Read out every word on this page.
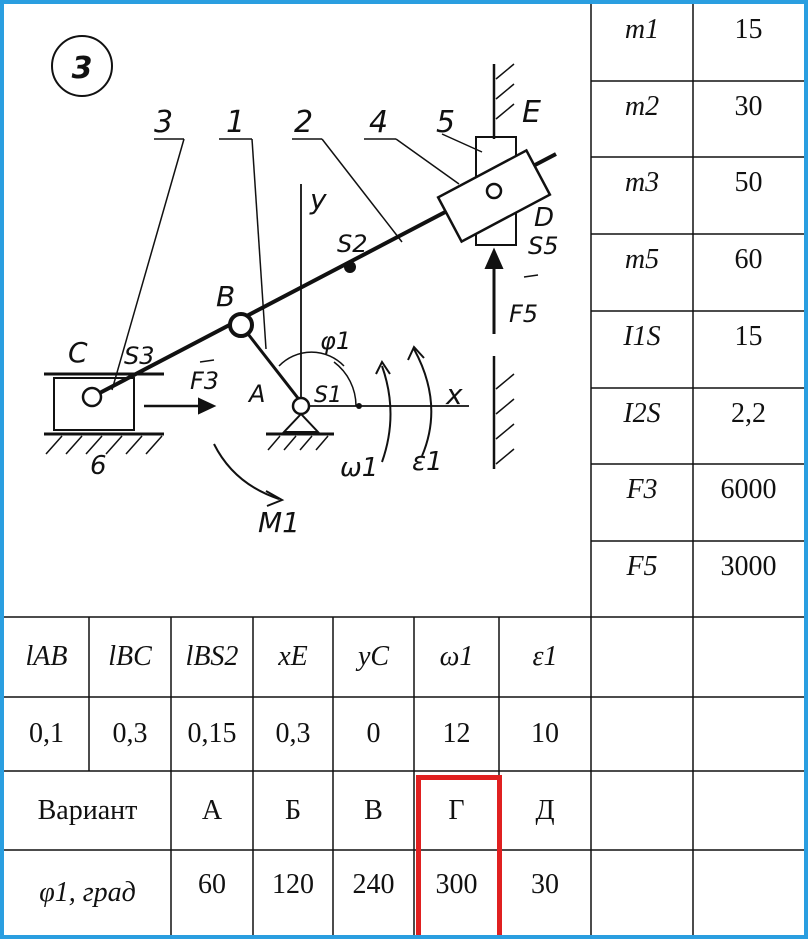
3
3 1 2 4 5 E
D
S5
y
S2
B
F5
φ1
C S3
F3 A S1	x
6	ω1 ε1
M1
m1	15
m2	30
m3	50
m5	60
I1S	15
I2S	2,2
F3	6000
F5	3000
lAB	lBC	lBS2	xE	yC	ω1	ε1
0,1	0,3	0,15	0,3	0	12	10
Вариант	А	Б	В	Г	Д
φ1, град	60	120	240	300	30
